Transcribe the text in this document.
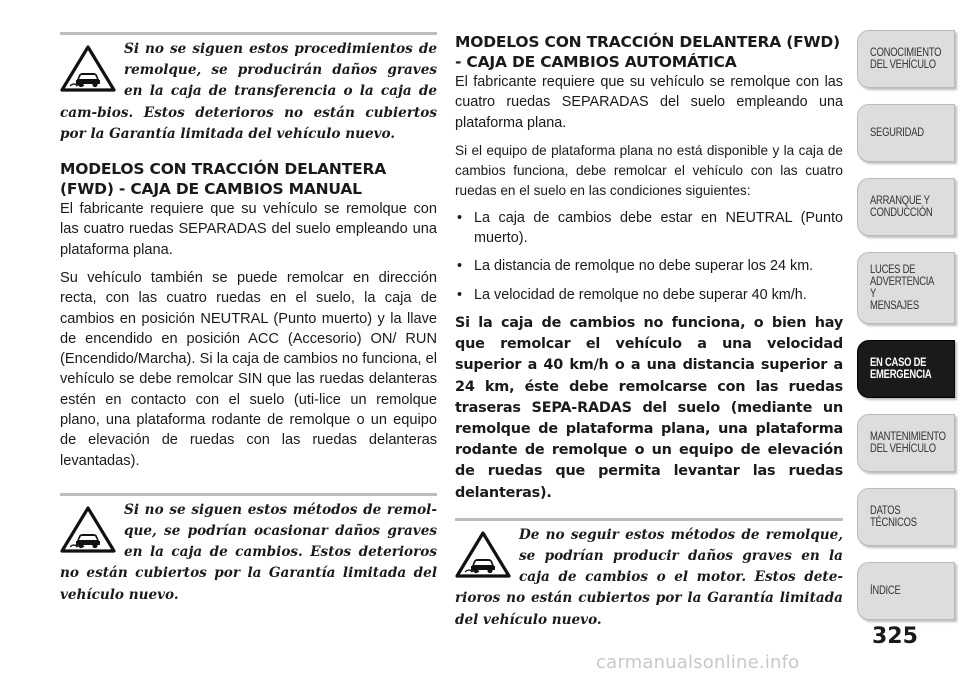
Si no se siguen estos procedimientos de remolque, se producirán daños graves en la caja de transferencia o la caja de cam-bios. Estos deterioros no están cubiertos por la Garantía limitada del vehículo nuevo.

MODELOS CON TRACCIÓN DELANTERA (FWD) - CAJA DE CAMBIOS MANUAL

El fabricante requiere que su vehículo se remolque con las cuatro ruedas SEPARADAS del suelo empleando una plataforma plana.

Su vehículo también se puede remolcar en dirección recta, con las cuatro ruedas en el suelo, la caja de cambios en posición NEUTRAL (Punto muerto) y la llave de encendido en posición ACC (Accesorio) ON/ RUN (Encendido/Marcha). Si la caja de cambios no funciona, el vehículo se debe remolcar SIN que las ruedas delanteras estén en contacto con el suelo (uti-lice un remolque plano, una plataforma rodante de remolque o un equipo de elevación de ruedas con las ruedas delanteras levantadas).

Si no se siguen estos métodos de remol-que, se podrían ocasionar daños graves en la caja de cambios. Estos deterioros no están cubiertos por la Garantía limitada del vehículo nuevo.

MODELOS CON TRACCIÓN DELANTERA (FWD) - CAJA DE CAMBIOS AUTOMÁTICA

El fabricante requiere que su vehículo se remolque con las cuatro ruedas SEPARADAS del suelo empleando una plataforma plana.

Si el equipo de plataforma plana no está disponible y la caja de cambios funciona, debe remolcar el vehículo con las cuatro ruedas en el suelo en las condiciones siguientes:

• La caja de cambios debe estar en NEUTRAL (Punto muerto).
• La distancia de remolque no debe superar los 24 km.
• La velocidad de remolque no debe superar 40 km/h.

Si la caja de cambios no funciona, o bien hay que remolcar el vehículo a una velocidad superior a 40 km/h o a una distancia superior a 24 km, éste debe remolcarse con las ruedas traseras SEPA-RADAS del suelo (mediante un remolque de plataforma plana, una plataforma rodante de remolque o un equipo de elevación de ruedas que permita levantar las ruedas delanteras).

De no seguir estos métodos de remolque, se podrían producir daños graves en la caja de cambios o el motor. Estos dete-rioros no están cubiertos por la Garantía limitada del vehículo nuevo.

CONOCIMIENTO
DEL VEHÍCULO
SEGURIDAD
ARRANQUE Y
CONDUCCIÓN
LUCES DE
ADVERTENCIA Y
MENSAJES
EN CASO DE
EMERGENCIA
MANTENIMIENTO
DEL VEHÍCULO
DATOS
TÉCNICOS
ÍNDICE
325
carmanualsonline.info
